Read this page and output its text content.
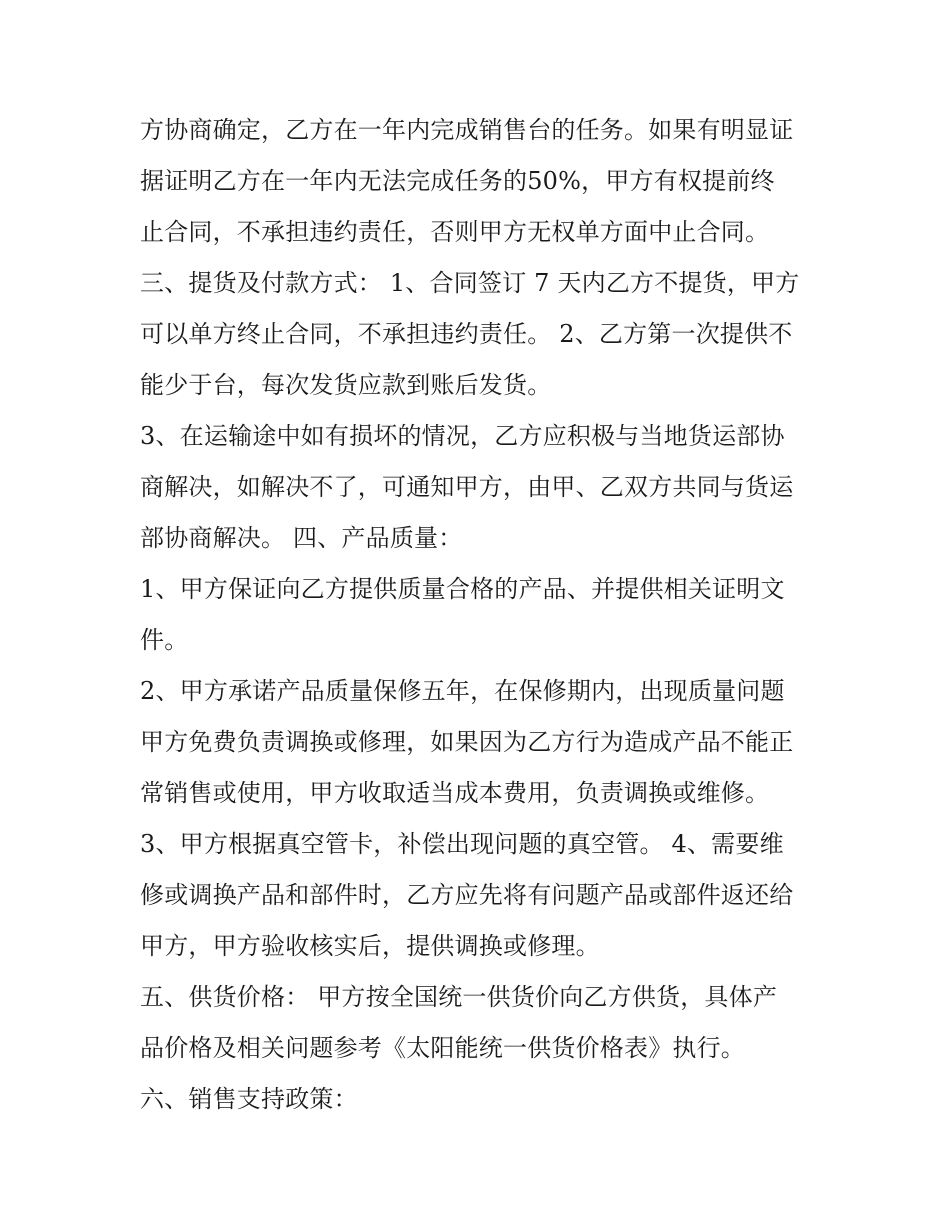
方协商确定，乙方在一年内完成销售台的任务。如果有明显证
据证明乙方在一年内无法完成任务的50%，甲方有权提前终
止合同，不承担违约责任，否则甲方无权单方面中止合同。
三、提货及付款方式： 1、合同签订 7 天内乙方不提货，甲方
可以单方终止合同，不承担违约责任。 2、乙方第一次提供不
能少于台，每次发货应款到账后发货。
3、在运输途中如有损坏的情况，乙方应积极与当地货运部协
商解决，如解决不了，可通知甲方，由甲、乙双方共同与货运
部协商解决。 四、产品质量：
1、甲方保证向乙方提供质量合格的产品、并提供相关证明文
件。
2、甲方承诺产品质量保修五年，在保修期内，出现质量问题
甲方免费负责调换或修理，如果因为乙方行为造成产品不能正
常销售或使用，甲方收取适当成本费用，负责调换或维修。
3、甲方根据真空管卡，补偿出现问题的真空管。 4、需要维
修或调换产品和部件时，乙方应先将有问题产品或部件返还给
甲方，甲方验收核实后，提供调换或修理。
五、供货价格： 甲方按全国统一供货价向乙方供货，具体产
品价格及相关问题参考《太阳能统一供货价格表》执行。
六、销售支持政策：
